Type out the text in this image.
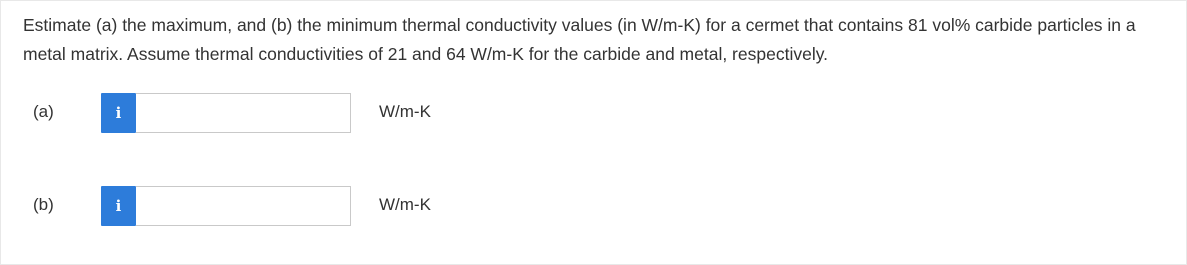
Estimate (a) the maximum, and (b) the minimum thermal conductivity values (in W/m-K) for a cermet that contains 81 vol% carbide particles in a metal matrix. Assume thermal conductivities of 21 and 64 W/m-K for the carbide and metal, respectively.

(a)	i	W/m-K
(b)	i	W/m-K
